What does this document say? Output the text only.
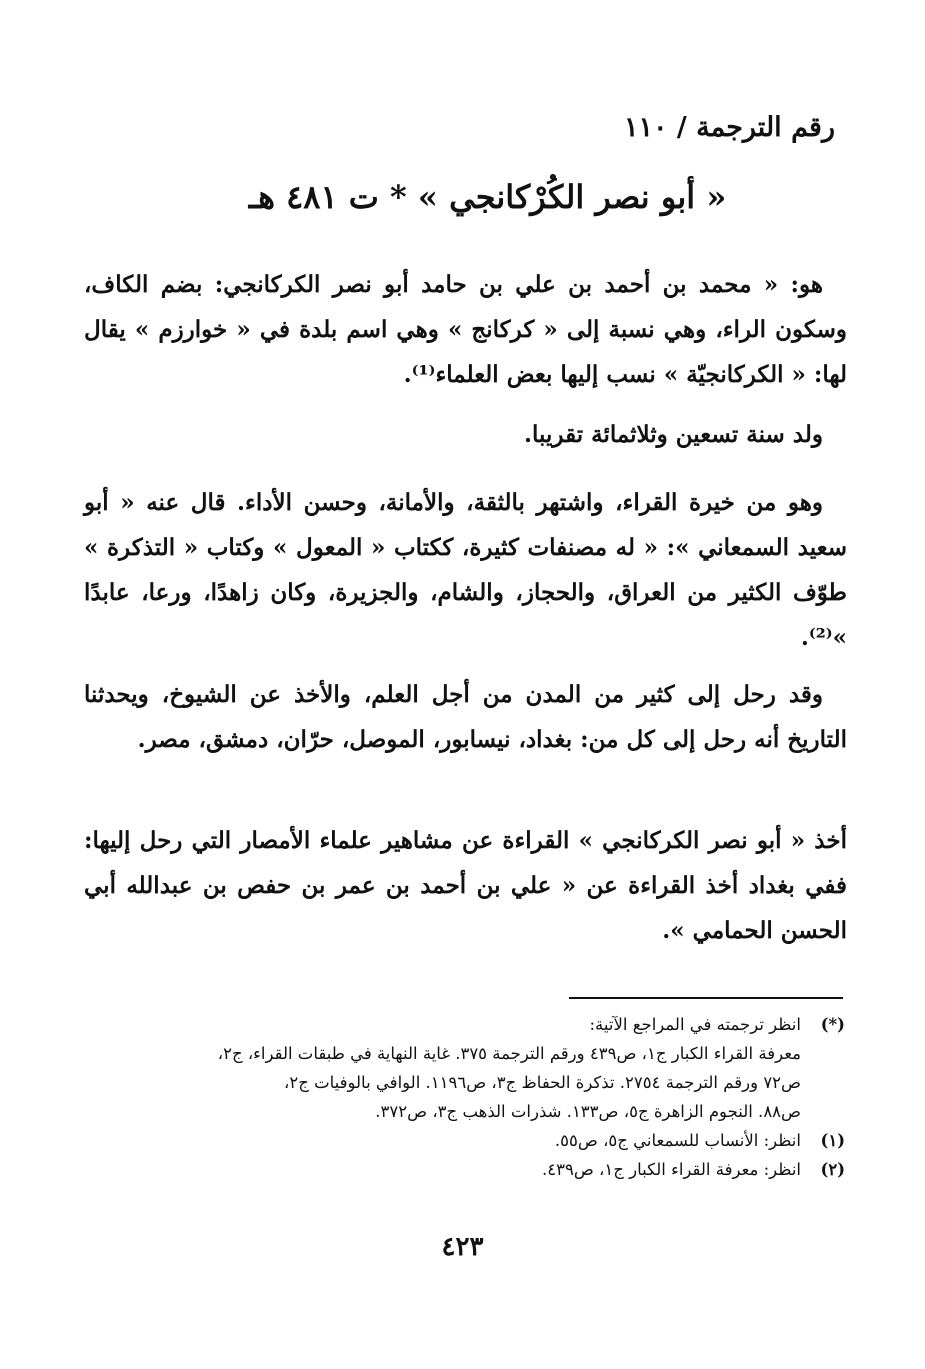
رقم الترجمة / ١١٠
« أبو نصر الكُرْكانجي » * ت ٤٨١ هـ
هو: « محمد بن أحمد بن علي بن حامد أبو نصر الكركانجي: بضم الكاف، وسكون الراء، وهي نسبة إلى « كركانج » وهي اسم بلدة في « خوارزم » يقال لها: « الكركانجيّة » نسب إليها بعض العلماء⁽¹⁾.
ولد سنة تسعين وثلاثمائة تقريبا.
وهو من خيرة القراء، واشتهر بالثقة، والأمانة، وحسن الأداء. قال عنه « أبو سعيد السمعاني »: « له مصنفات كثيرة، ككتاب « المعول » وكتاب « التذكرة » طوّف الكثير من العراق، والحجاز، والشام، والجزيرة، وكان زاهدًا، ورعا، عابدًا »⁽²⁾.
وقد رحل إلى كثير من المدن من أجل العلم، والأخذ عن الشيوخ، ويحدثنا التاريخ أنه رحل إلى كل من: بغداد، نيسابور، الموصل، حرّان، دمشق، مصر.
أخذ « أبو نصر الكركانجي » القراءة عن مشاهير علماء الأمصار التي رحل إليها: ففي بغداد أخذ القراءة عن « علي بن أحمد بن عمر بن حفص بن عبدالله أبي الحسن الحمامي ».
(*)
انظر ترجمته في المراجع الآتية:
معرفة القراء الكبار ج١، ص٤٣٩ ورقم الترجمة ٣٧٥. غاية النهاية في طبقات القراء، ج٢،
ص٧٢ ورقم الترجمة ٢٧٥٤. تذكرة الحفاظ ج٣، ص١١٩٦. الوافي بالوفيات ج٢،
ص٨٨. النجوم الزاهرة ج٥، ص١٣٣. شذرات الذهب ج٣، ص٣٧٢.
(١)
انظر: الأنساب للسمعاني ج٥، ص٥٥.
(٢)
انظر: معرفة القراء الكبار ج١، ص٤٣٩.
٤٢٣
